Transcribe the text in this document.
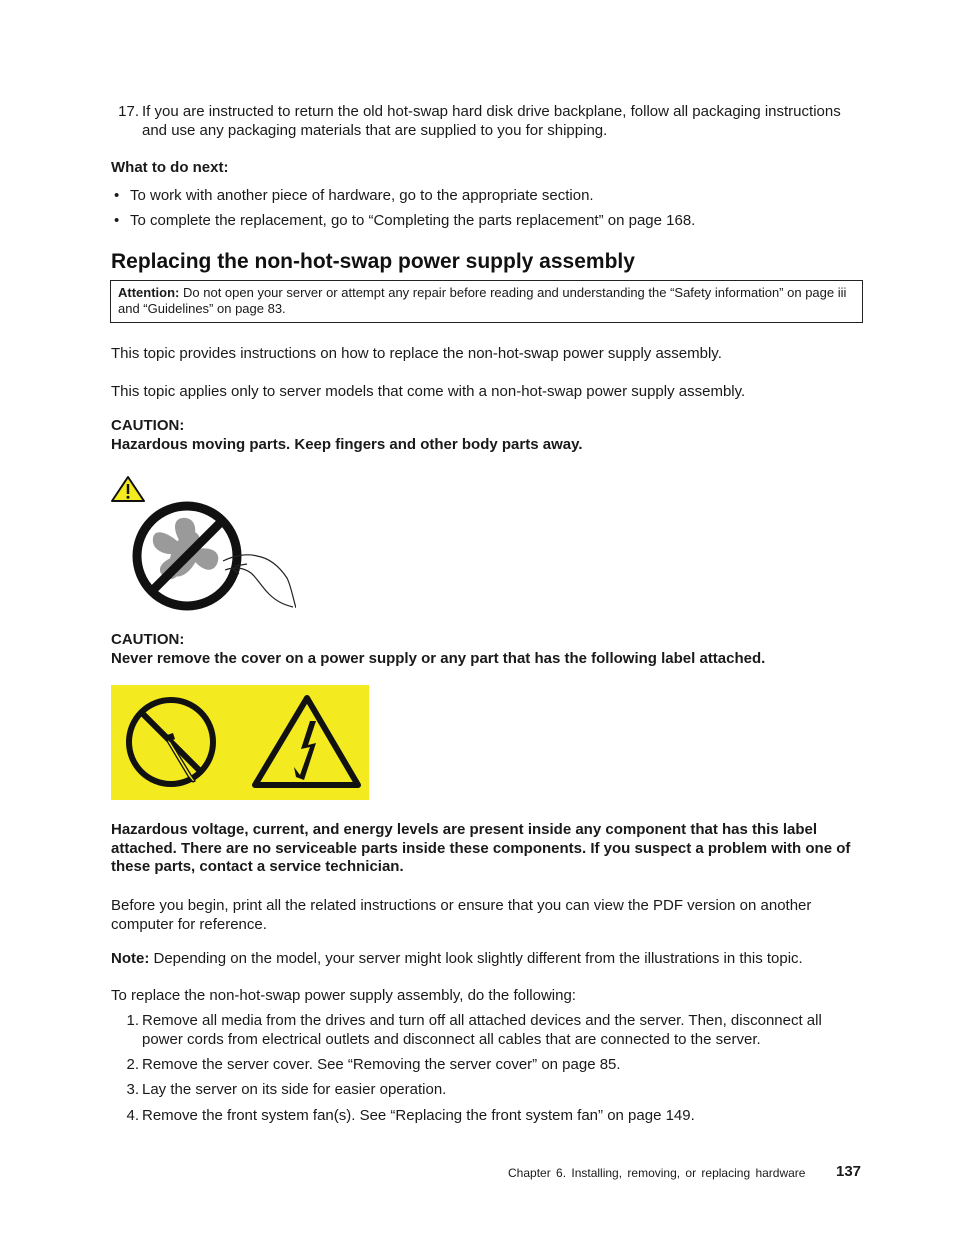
17. If you are instructed to return the old hot-swap hard disk drive backplane, follow all packaging instructions and use any packaging materials that are supplied to you for shipping.
What to do next:
• To work with another piece of hardware, go to the appropriate section.
• To complete the replacement, go to “Completing the parts replacement” on page 168.
Replacing the non-hot-swap power supply assembly
Attention: Do not open your server or attempt any repair before reading and understanding the “Safety information” on page iii and “Guidelines” on page 83.
This topic provides instructions on how to replace the non-hot-swap power supply assembly.
This topic applies only to server models that come with a non-hot-swap power supply assembly.
CAUTION:
Hazardous moving parts. Keep fingers and other body parts away.
CAUTION:
Never remove the cover on a power supply or any part that has the following label attached.
Hazardous voltage, current, and energy levels are present inside any component that has this label attached. There are no serviceable parts inside these components. If you suspect a problem with one of these parts, contact a service technician.
Before you begin, print all the related instructions or ensure that you can view the PDF version on another computer for reference.
Note: Depending on the model, your server might look slightly different from the illustrations in this topic.
To replace the non-hot-swap power supply assembly, do the following:
1. Remove all media from the drives and turn off all attached devices and the server. Then, disconnect all power cords from electrical outlets and disconnect all cables that are connected to the server.
2. Remove the server cover. See “Removing the server cover” on page 85.
3. Lay the server on its side for easier operation.
4. Remove the front system fan(s). See “Replacing the front system fan” on page 149.
Chapter 6. Installing, removing, or replacing hardware 137
